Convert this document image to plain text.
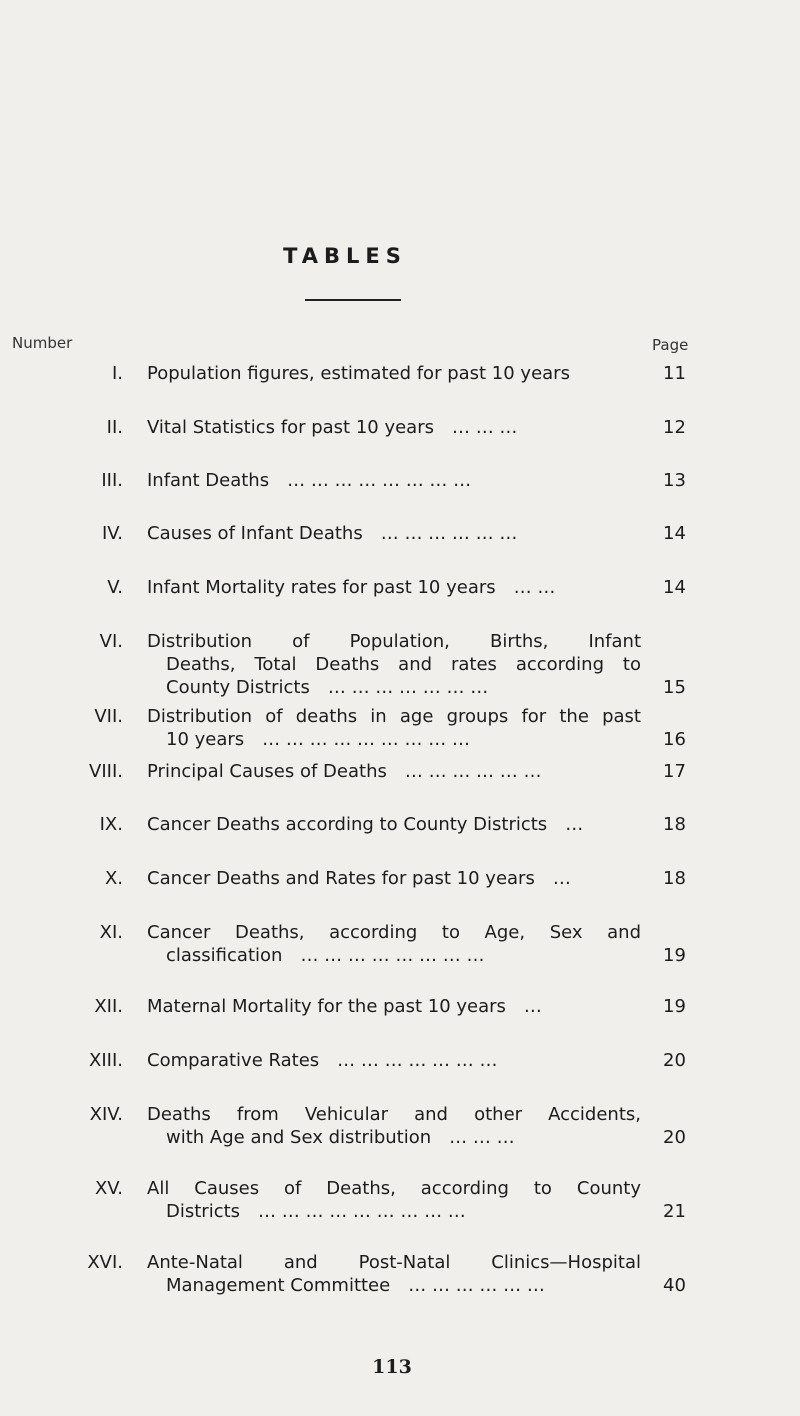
TABLES
Number	Page
I. Population figures, estimated for past 10 years	11
II. Vital Statistics for past 10 years  … … …	12
III. Infant Deaths  … … … … … … … …	13
IV. Causes of Infant Deaths  … … … … … …	14
V. Infant Mortality rates for past 10 years  … …	14
VI. Distribution of Population, Births, Infant
Deaths, Total Deaths and rates according to
County Districts  … … … … … … …	15
VII. Distribution of deaths in age groups for the past
10 years  … … … … … … … … …	16
VIII. Principal Causes of Deaths  … … … … … …	17
IX. Cancer Deaths according to County Districts  …	18
X. Cancer Deaths and Rates for past 10 years  …	18
XI. Cancer Deaths, according to Age, Sex and
classification  … … … … … … … …	19
XII. Maternal Mortality for the past 10 years  …	19
XIII. Comparative Rates  … … … … … … …	20
XIV. Deaths from Vehicular and other Accidents,
with Age and Sex distribution  … … …	20
XV. All Causes of Deaths, according to County
Districts  … … … … … … … … …	21
XVI. Ante-Natal and Post-Natal Clinics—Hospital
Management Committee  … … … … … …	40
113
